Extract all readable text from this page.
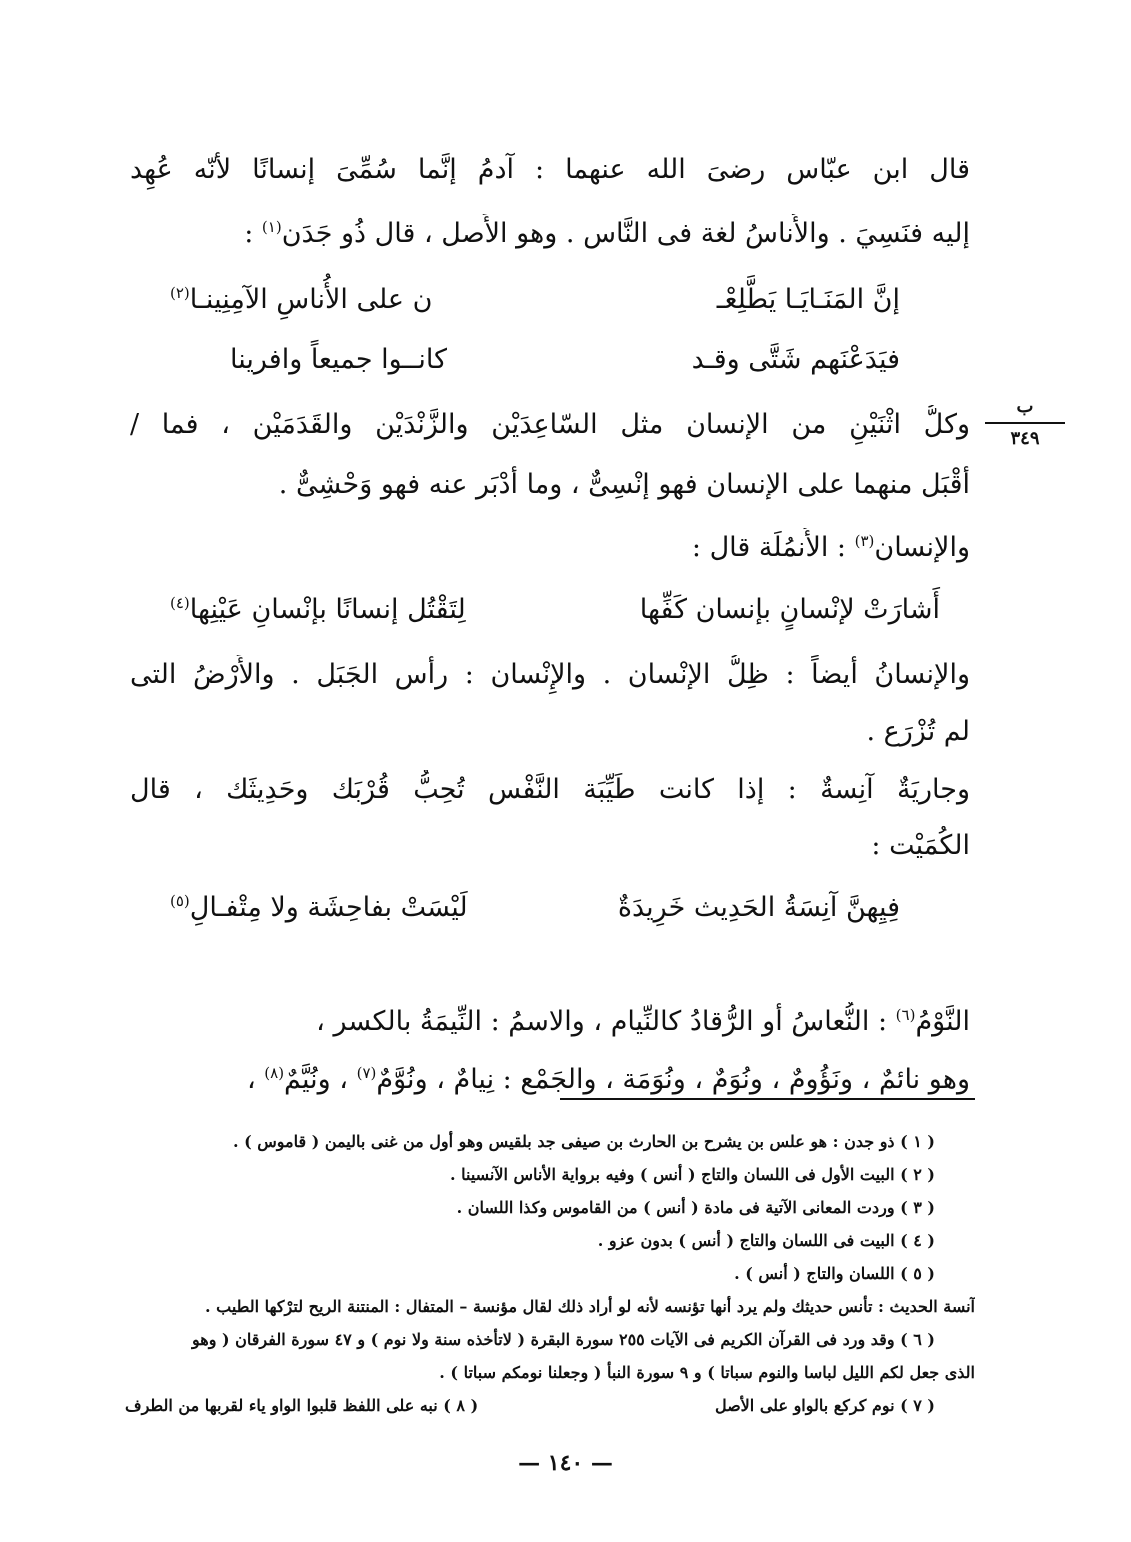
قال ابن عبّاس رضىَ الله عنهما : آدمُ إنَّما سُمِّىَ إنسانًا لأنّه عُهِد
إليه فنَسِيَ . والأُناسُ لغة فى النَّاس . وهو الأَصل ، قال ذُو جَدَن$^{(١)}$ :
إنَّ المَنَـايَـا يَطَّلِعْـ
ن على الأُناسِ الآمِنِينـا$^{(٢)}$
فيَدَعْنَهم شَتَّى وقـد
كانــوا جميعاً وافرينا
وكلُّ اثْنَيْنِ من الإنسان مثل السّاعِدَيْن والزَّنْدَيْن والقَدَمَيْن ، فما /
أَقْبَل منهما على الإنسان فهو إنْسِىٌّ ، وما أَدْبَر عنه فهو وَحْشِىٌّ .
والإنسان$^{(٣)}$ : الأُنمُلَة قال :
أَشارَتْ لإنْسانٍ بإنسان كَفِّها
لِتَقْتُل إنسانًا بإنْسانِ عَيْنِها$^{(٤)}$
والإنسانُ أَيضاً : ظِلُّ الإنْسان . والإِنْسان : رأْس الجَبَل . والأَرْضُ التى
لم تُزْرَع .
وجاريَةٌ آنِسةٌ : إذا كانت طَيِّبَة النَّفْس تُحِبُّ قُرْبَك وحَدِيثَك ، قال
الكُمَيْت :
فِيِهنَّ آنِسَةُ الحَدِيث خَرِيدَةٌ
لَيْسَتْ بفاحِشَة ولا مِتْفـالِ$^{(٥)}$
النَّوْمُ$^{(٦)}$ : النُّعاسُ أَو الرُّقادُ كالنِّيام ، والاسمُ : النِّيمَةُ بالكسر ،
وهو نائمٌ ، ونَؤُومٌ ، ونُوَمٌ ، ونُوَمَة ، والجَمْع : نِيامٌ ، ونُوَّمٌ$^{(٧)}$ ، ونُيَّمٌ$^{(٨)}$ ،
ب
٣٤٩
( ١ ) ذو جدن : هو علس بن يشرح بن الحارث بن صيفى جد بلقيس وهو أول من غنى باليمن ( قاموس ) .
( ٢ ) البيت الأول فى اللسان والتاج ( أنس ) وفيه برواية الأناس الآنسينا .
( ٣ ) وردت المعانى الآتية فى مادة ( أنس ) من القاموس وكذا اللسان .
( ٤ ) البيت فى اللسان والتاج ( أنس ) بدون عزو .
( ٥ ) اللسان والتاج ( أنس ) .
آنسة الحديث : تأنس حديثك ولم يرد أنها تؤنسه لأنه لو أراد ذلك لقال مؤنسة – المتفال : المنتنة الريح لترْكها الطيب .
( ٦ ) وقد ورد فى القرآن الكريم فى الآيات ٢٥٥ سورة البقرة ( لاتأخذه سنة ولا نوم ) و ٤٧ سورة الفرقان ( وهو
الذى جعل لكم الليل لباسا والنوم سباتا ) و ٩ سورة النبأ ( وجعلنا نومكم سباتا ) .
( ٧ ) نوم كركع بالواو على الأصل
( ٨ ) نبه على اللفظ قلبوا الواو ياء لقربها من الطرف
— ١٤٠ —
